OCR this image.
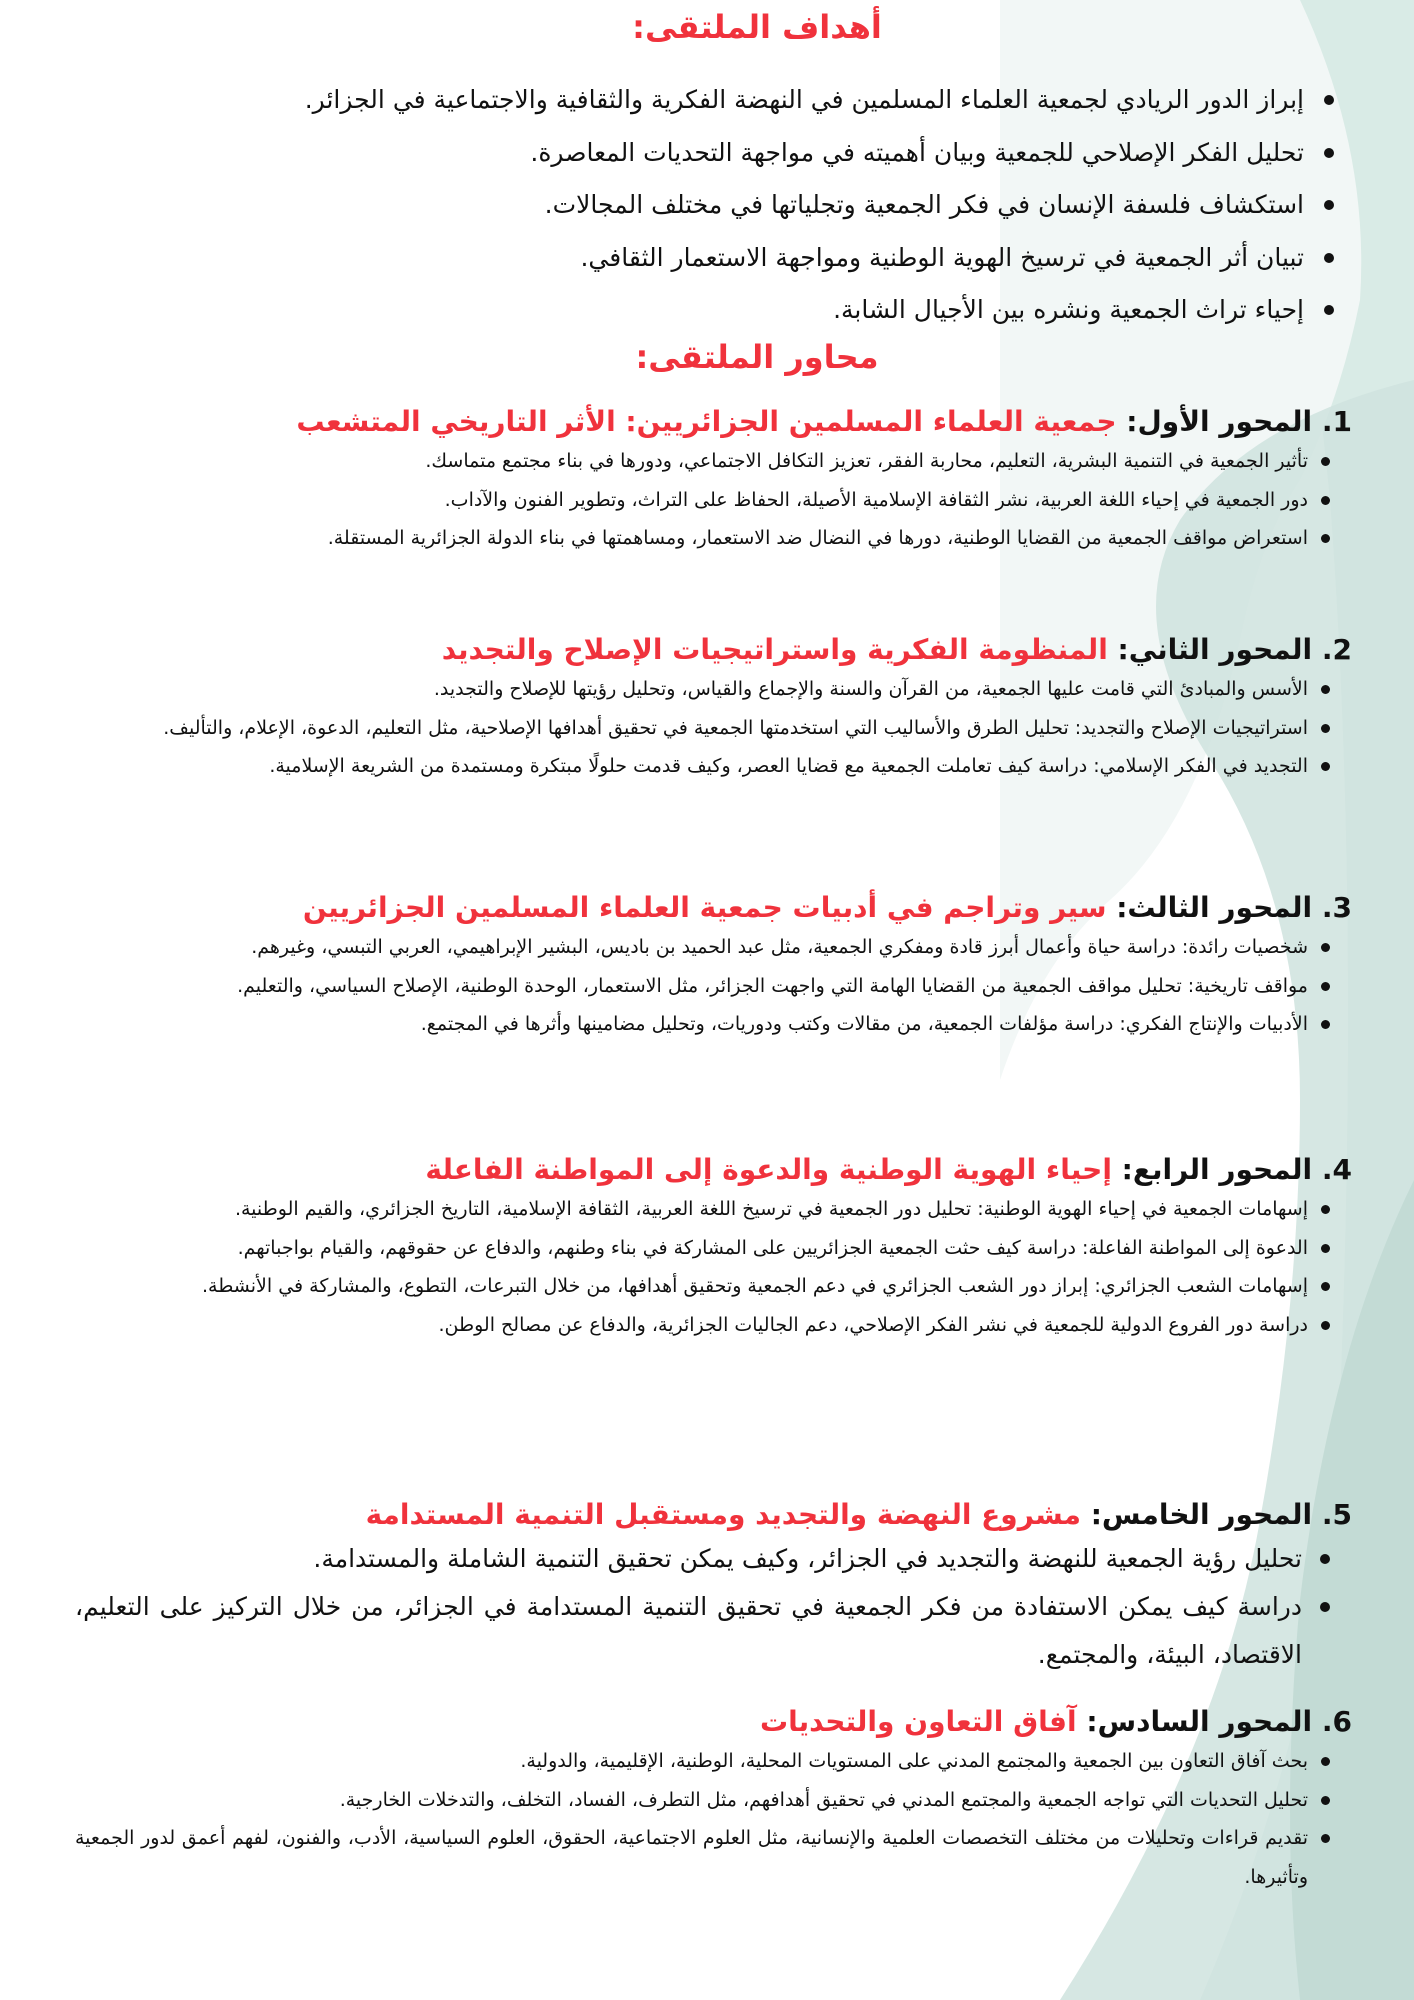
أهداف الملتقى:
إبراز الدور الريادي لجمعية العلماء المسلمين في النهضة الفكرية والثقافية والاجتماعية في الجزائر.
تحليل الفكر الإصلاحي للجمعية وبيان أهميته في مواجهة التحديات المعاصرة.
استكشاف فلسفة الإنسان في فكر الجمعية وتجلياتها في مختلف المجالات.
تبيان أثر الجمعية في ترسيخ الهوية الوطنية ومواجهة الاستعمار الثقافي.
إحياء تراث الجمعية ونشره بين الأجيال الشابة.
محاور الملتقى:
1. المحور الأول: جمعية العلماء المسلمين الجزائريين: الأثر التاريخي المتشعب
تأثير الجمعية في التنمية البشرية، التعليم، محاربة الفقر، تعزيز التكافل الاجتماعي، ودورها في بناء مجتمع متماسك.
دور الجمعية في إحياء اللغة العربية، نشر الثقافة الإسلامية الأصيلة، الحفاظ على التراث، وتطوير الفنون والآداب.
استعراض مواقف الجمعية من القضايا الوطنية، دورها في النضال ضد الاستعمار، ومساهمتها في بناء الدولة الجزائرية المستقلة.
2. المحور الثاني: المنظومة الفكرية واستراتيجيات الإصلاح والتجديد
الأسس والمبادئ التي قامت عليها الجمعية، من القرآن والسنة والإجماع والقياس، وتحليل رؤيتها للإصلاح والتجديد.
استراتيجيات الإصلاح والتجديد: تحليل الطرق والأساليب التي استخدمتها الجمعية في تحقيق أهدافها الإصلاحية، مثل التعليم، الدعوة، الإعلام، والتأليف.
التجديد في الفكر الإسلامي: دراسة كيف تعاملت الجمعية مع قضايا العصر، وكيف قدمت حلولًا مبتكرة ومستمدة من الشريعة الإسلامية.
3. المحور الثالث: سير وتراجم في أدبيات جمعية العلماء المسلمين الجزائريين
شخصيات رائدة: دراسة حياة وأعمال أبرز قادة ومفكري الجمعية، مثل عبد الحميد بن باديس، البشير الإبراهيمي، العربي التبسي، وغيرهم.
مواقف تاريخية: تحليل مواقف الجمعية من القضايا الهامة التي واجهت الجزائر، مثل الاستعمار، الوحدة الوطنية، الإصلاح السياسي، والتعليم.
الأدبيات والإنتاج الفكري: دراسة مؤلفات الجمعية، من مقالات وكتب ودوريات، وتحليل مضامينها وأثرها في المجتمع.
4. المحور الرابع: إحياء الهوية الوطنية والدعوة إلى المواطنة الفاعلة
إسهامات الجمعية في إحياء الهوية الوطنية: تحليل دور الجمعية في ترسيخ اللغة العربية، الثقافة الإسلامية، التاريخ الجزائري، والقيم الوطنية.
الدعوة إلى المواطنة الفاعلة: دراسة كيف حثت الجمعية الجزائريين على المشاركة في بناء وطنهم، والدفاع عن حقوقهم، والقيام بواجباتهم.
إسهامات الشعب الجزائري: إبراز دور الشعب الجزائري في دعم الجمعية وتحقيق أهدافها، من خلال التبرعات، التطوع، والمشاركة في الأنشطة.
دراسة دور الفروع الدولية للجمعية في نشر الفكر الإصلاحي، دعم الجاليات الجزائرية، والدفاع عن مصالح الوطن.
5. المحور الخامس: مشروع النهضة والتجديد ومستقبل التنمية المستدامة
تحليل رؤية الجمعية للنهضة والتجديد في الجزائر، وكيف يمكن تحقيق التنمية الشاملة والمستدامة.
دراسة كيف يمكن الاستفادة من فكر الجمعية في تحقيق التنمية المستدامة في الجزائر، من خلال التركيز على التعليم، الاقتصاد، البيئة، والمجتمع.
6. المحور السادس: آفاق التعاون والتحديات
بحث آفاق التعاون بين الجمعية والمجتمع المدني على المستويات المحلية، الوطنية، الإقليمية، والدولية.
تحليل التحديات التي تواجه الجمعية والمجتمع المدني في تحقيق أهدافهم، مثل التطرف، الفساد، التخلف، والتدخلات الخارجية.
تقديم قراءات وتحليلات من مختلف التخصصات العلمية والإنسانية، مثل العلوم الاجتماعية، الحقوق، العلوم السياسية، الأدب، والفنون، لفهم أعمق لدور الجمعية وتأثيرها.
